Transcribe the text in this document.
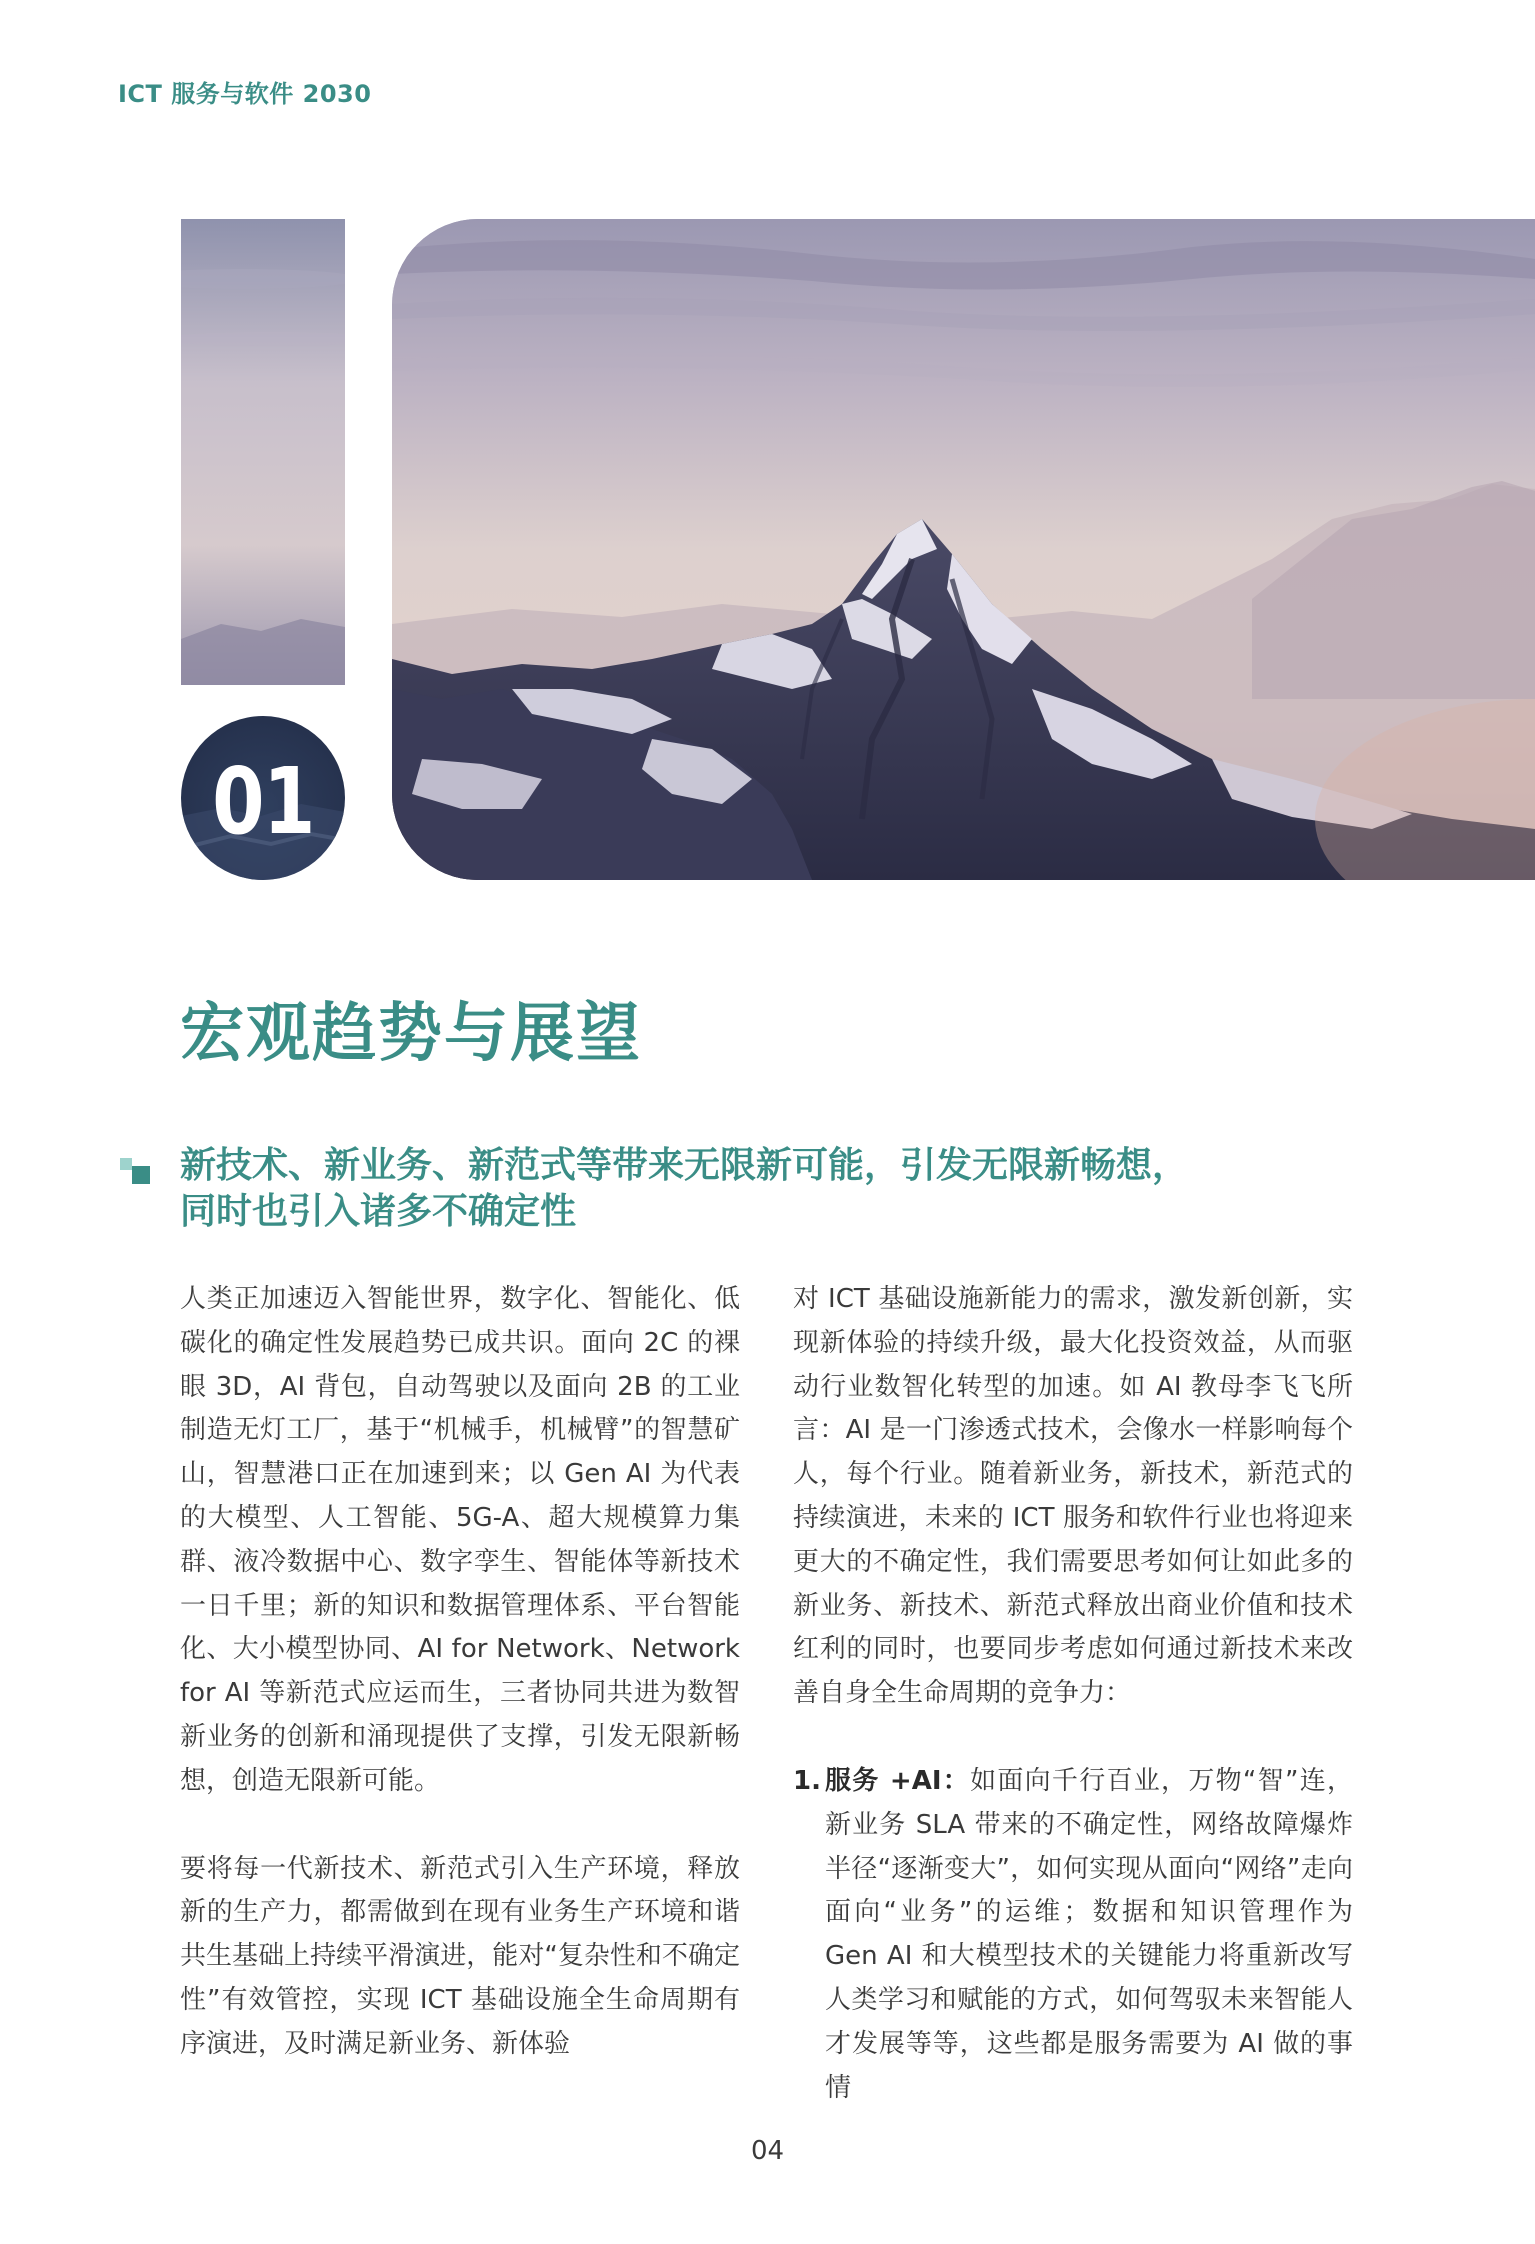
ICT 服务与软件 2030
01
宏观趋势与展望
新技术、新业务、新范式等带来无限新可能，引发无限新畅想，
同时也引入诸多不确定性

人类正加速迈入智能世界，数字化、智能化、低碳化的确定性发展趋势已成共识。面向 2C 的裸眼 3D，AI 背包，自动驾驶以及面向 2B 的工业制造无灯工厂，基于“机械手，机械臂”的智慧矿山，智慧港口正在加速到来；以 Gen AI 为代表的大模型、人工智能、5G-A、超大规模算力集群、液冷数据中心、数字孪生、智能体等新技术一日千里；新的知识和数据管理体系、平台智能化、大小模型协同、AI for Network、Network for AI 等新范式应运而生，三者协同共进为数智新业务的创新和涌现提供了支撑，引发无限新畅想，创造无限新可能。

要将每一代新技术、新范式引入生产环境，释放新的生产力，都需做到在现有业务生产环境和谐共生基础上持续平滑演进，能对“复杂性和不确定性”有效管控，实现 ICT 基础设施全生命周期有序演进，及时满足新业务、新体验

对 ICT 基础设施新能力的需求，激发新创新，实现新体验的持续升级，最大化投资效益，从而驱动行业数智化转型的加速。如 AI 教母李飞飞所言：AI 是一门渗透式技术，会像水一样影响每个人，每个行业。随着新业务，新技术，新范式的持续演进，未来的 ICT 服务和软件行业也将迎来更大的不确定性，我们需要思考如何让如此多的新业务、新技术、新范式释放出商业价值和技术红利的同时，也要同步考虑如何通过新技术来改善自身全生命周期的竞争力：

1. 服务 +AI：如面向千行百业，万物“智”连，新业务 SLA 带来的不确定性，网络故障爆炸半径“逐渐变大”，如何实现从面向“网络”走向面向“业务”的运维；数据和知识管理作为 Gen AI 和大模型技术的关键能力将重新改写人类学习和赋能的方式，如何驾驭未来智能人才发展等等，这些都是服务需要为 AI 做的事情
04
